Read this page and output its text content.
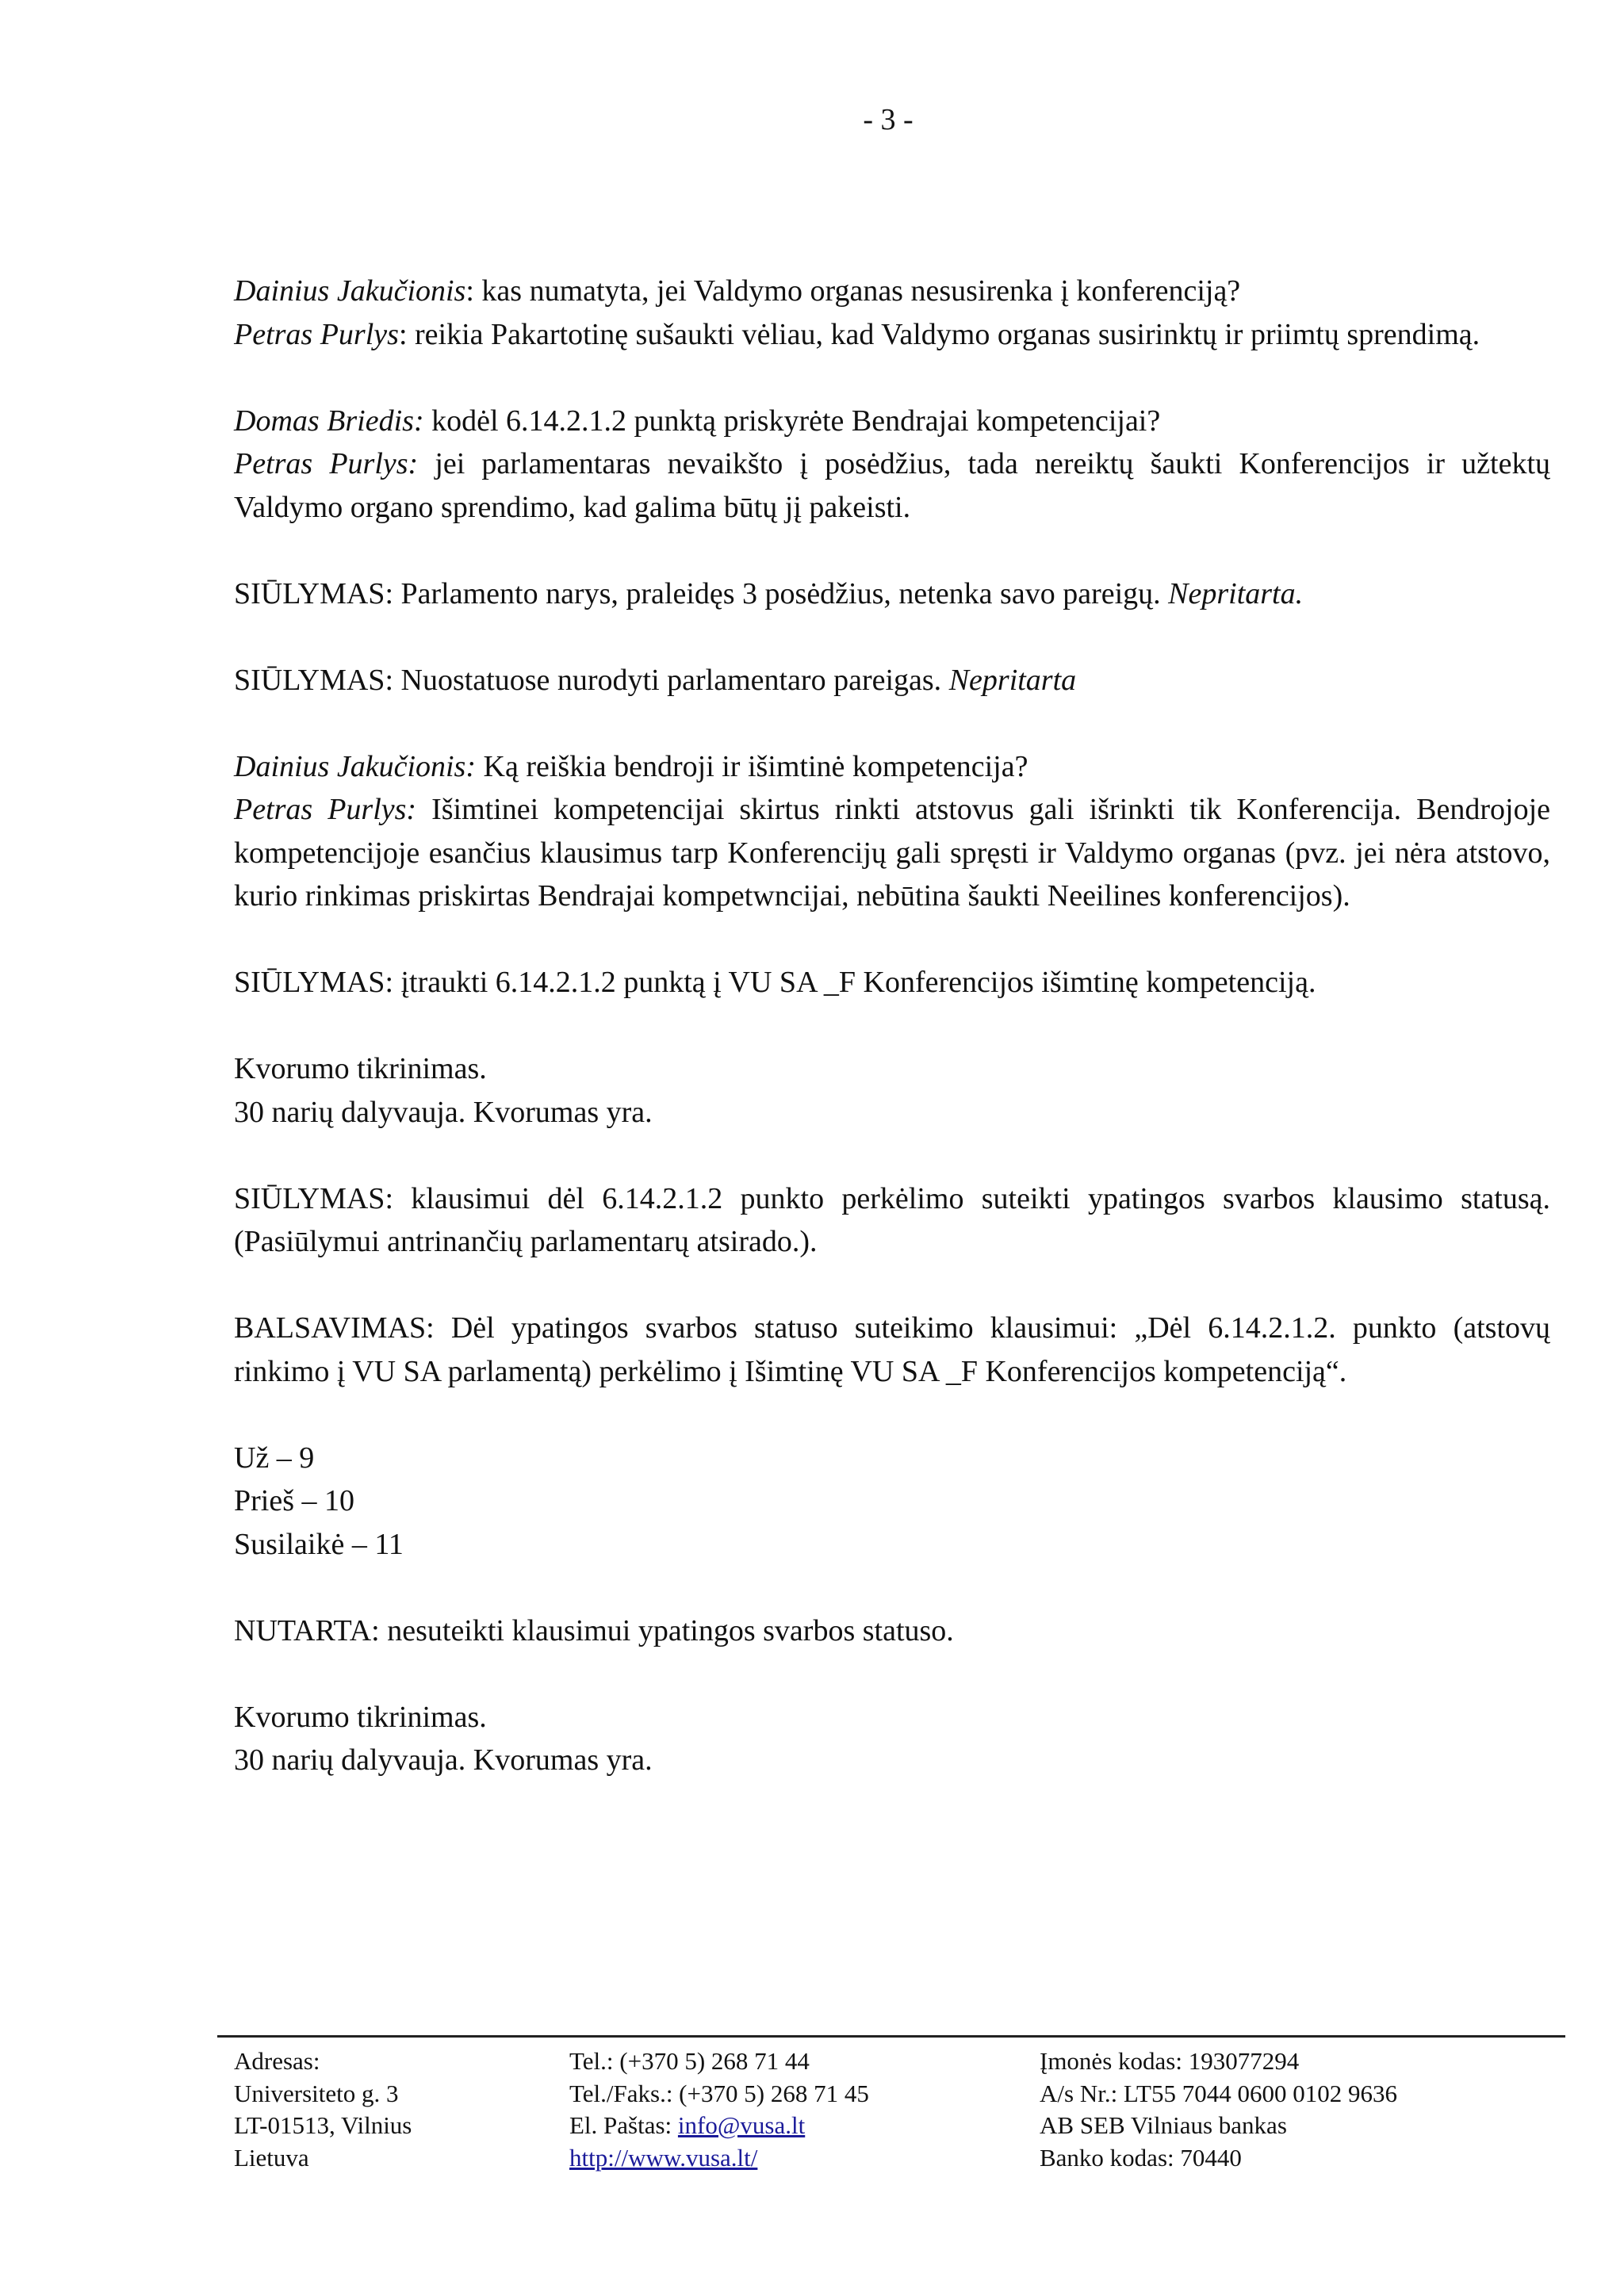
- 3 -

Dainius Jakučionis: kas numatyta, jei Valdymo organas nesusirenka į konferenciją?

Petras Purlys: reikia Pakartotinę sušaukti vėliau, kad Valdymo organas susirinktų ir priimtų sprendimą.

Domas Briedis: kodėl 6.14.2.1.2 punktą priskyrėte Bendrajai kompetencijai?

Petras Purlys: jei parlamentaras nevaikšto į posėdžius, tada nereiktų šaukti Konferencijos ir užtektų Valdymo organo sprendimo, kad galima būtų jį pakeisti.

SIŪLYMAS: Parlamento narys, praleidęs 3 posėdžius, netenka savo pareigų. Nepritarta.

SIŪLYMAS: Nuostatuose nurodyti parlamentaro pareigas. Nepritarta

Dainius Jakučionis: Ką reiškia bendroji ir išimtinė kompetencija?

Petras Purlys: Išimtinei kompetencijai skirtus rinkti atstovus gali išrinkti tik Konferencija. Bendrojoje kompetencijoje esančius klausimus tarp Konferencijų gali spręsti ir Valdymo organas (pvz. jei nėra atstovo, kurio rinkimas priskirtas Bendrajai kompetwncijai, nebūtina šaukti Neeilines konferencijos).

SIŪLYMAS: įtraukti 6.14.2.1.2 punktą į VU SA _F Konferencijos išimtinę kompetenciją.

Kvorumo tikrinimas.

30 narių dalyvauja. Kvorumas yra.

SIŪLYMAS: klausimui dėl 6.14.2.1.2 punkto perkėlimo suteikti ypatingos svarbos klausimo statusą. (Pasiūlymui antrinančių parlamentarų atsirado.).

BALSAVIMAS: Dėl ypatingos svarbos statuso suteikimo klausimui: „Dėl 6.14.2.1.2. punkto (atstovų rinkimo į VU SA parlamentą) perkėlimo į Išimtinę VU SA _F Konferencijos kompetenciją“.

Už – 9

Prieš – 10

Susilaikė – 11

NUTARTA: nesuteikti klausimui ypatingos svarbos statuso.

Kvorumo tikrinimas.

30 narių dalyvauja. Kvorumas yra.

Adresas:
Universiteto g. 3
LT-01513, Vilnius
Lietuva
Tel.: (+370 5) 268 71 44
Tel./Faks.: (+370 5) 268 71 45
El. Paštas: info@vusa.lt
http://www.vusa.lt/
Įmonės kodas: 193077294
A/s Nr.: LT55 7044 0600 0102 9636
AB SEB Vilniaus bankas
Banko kodas: 70440
